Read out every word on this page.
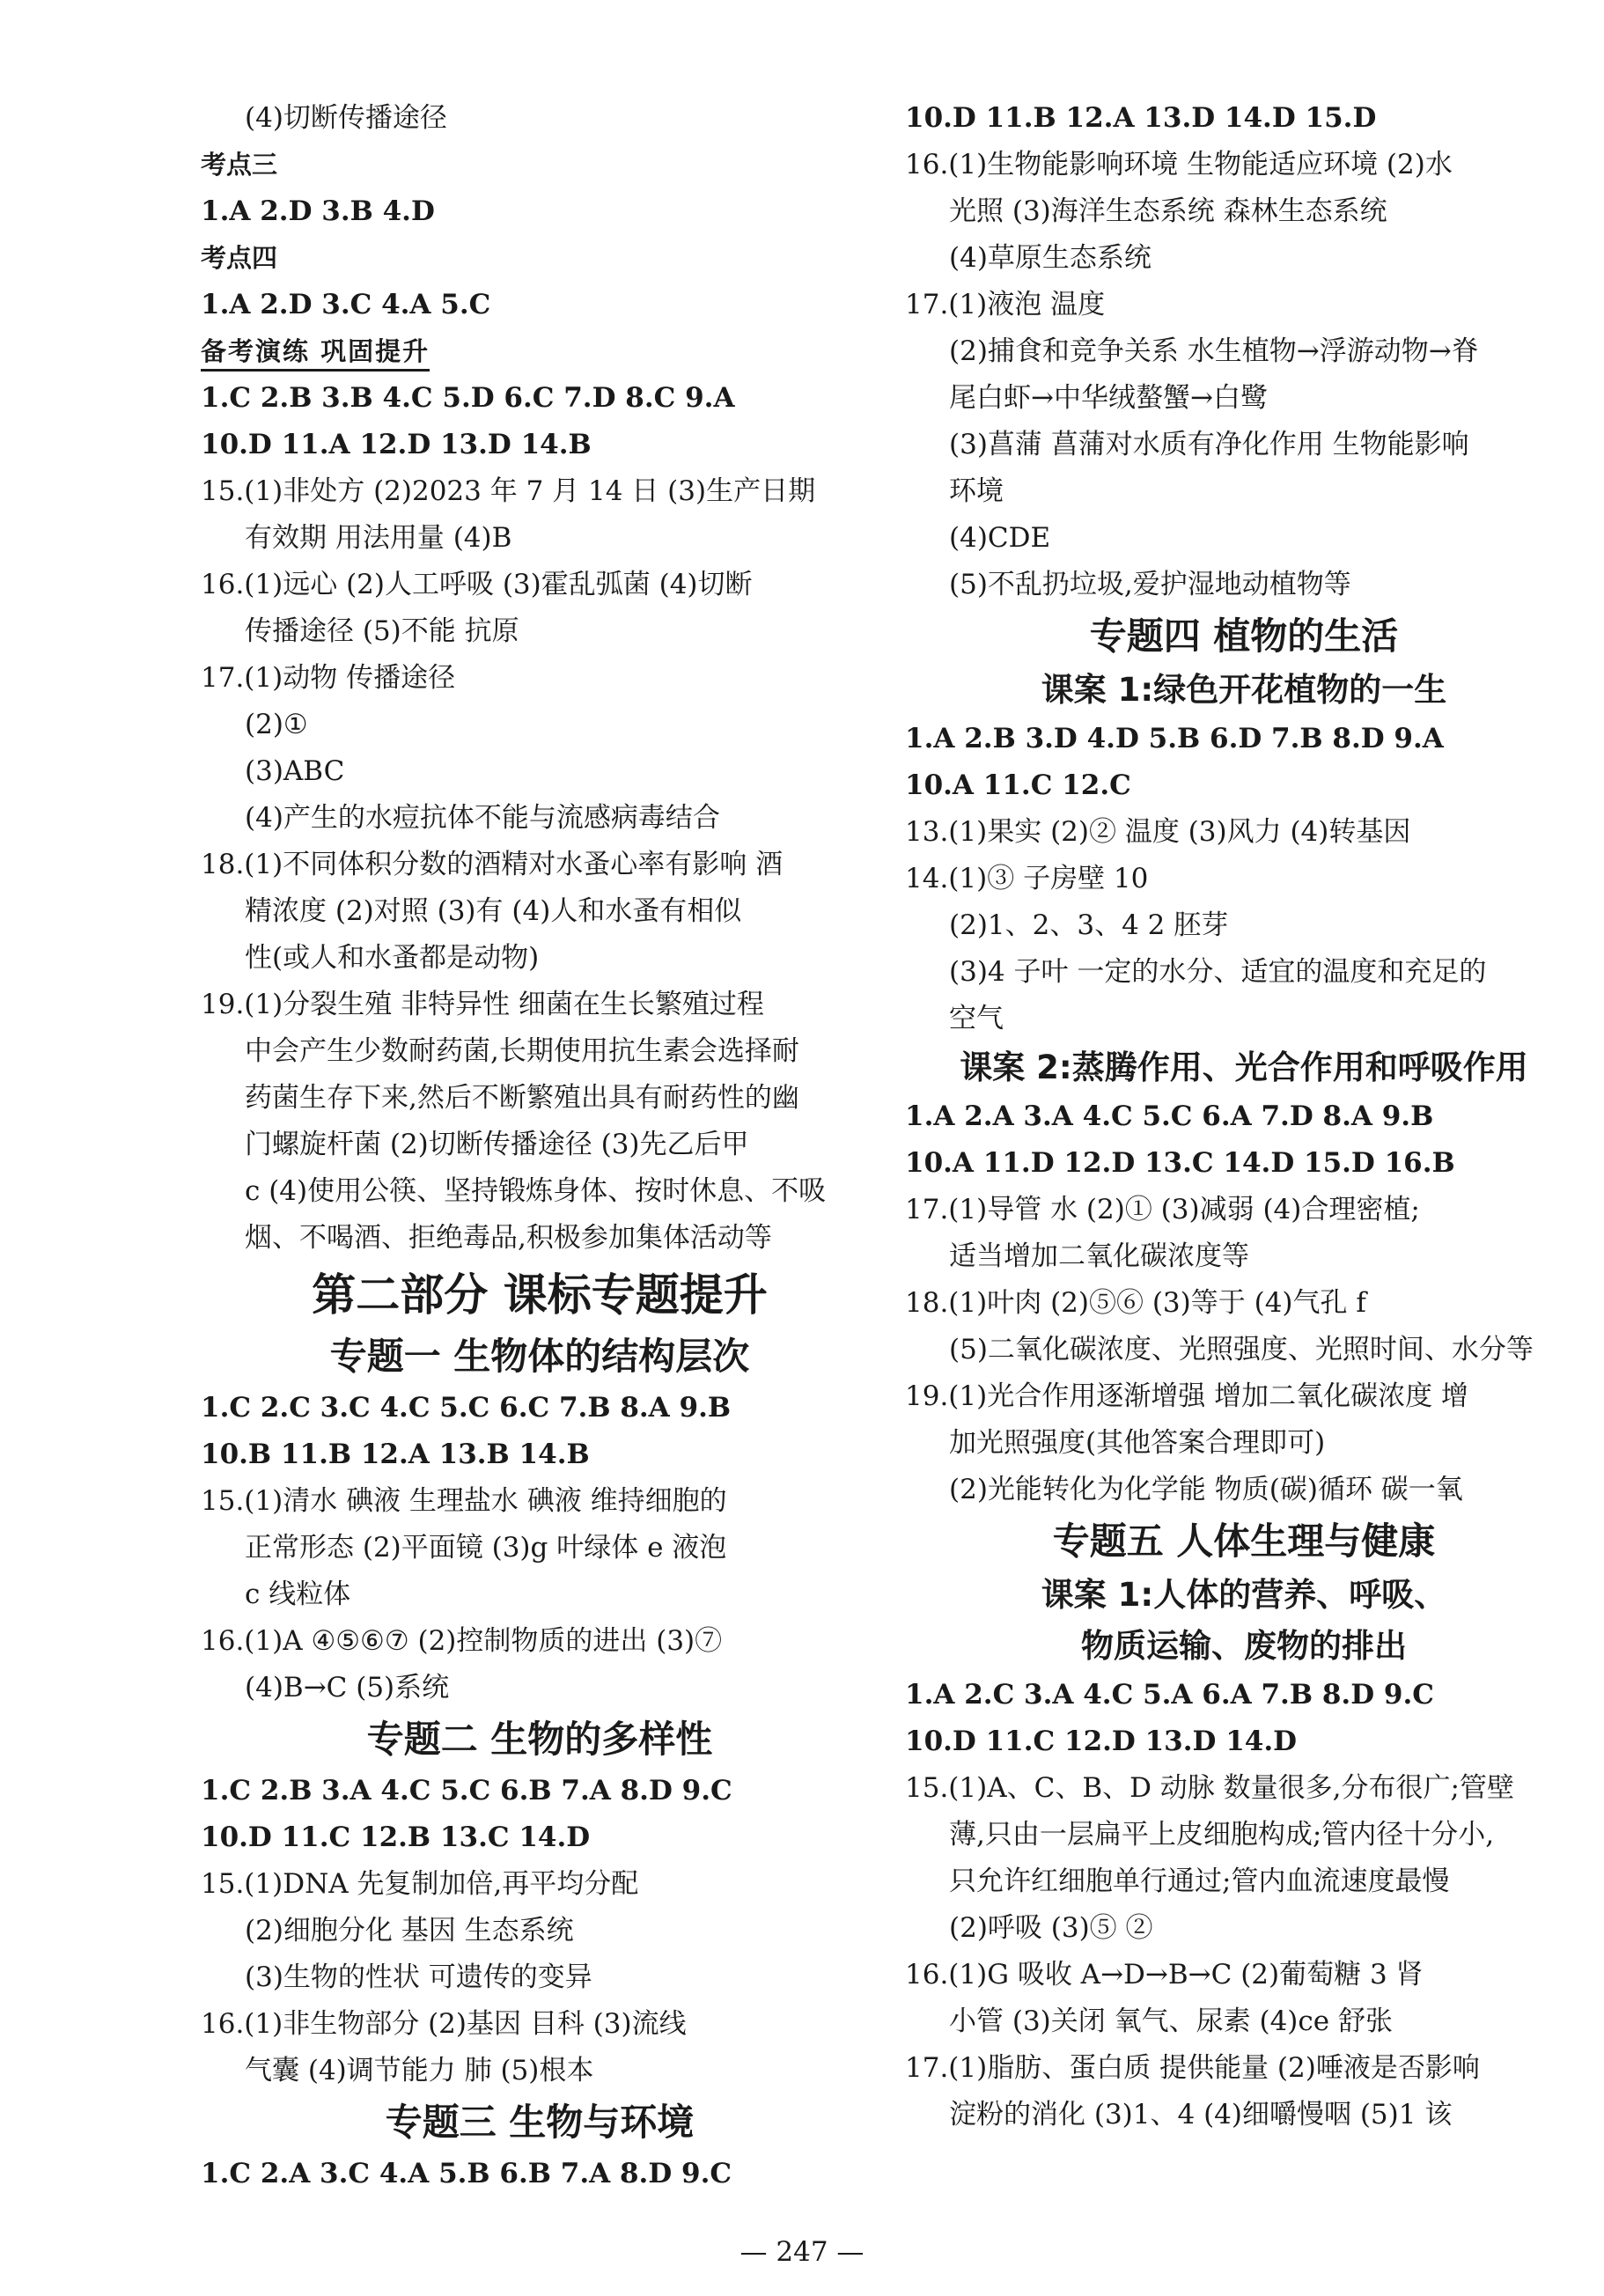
(4)切断传播途径
考点三
1.A 2.D 3.B 4.D
考点四
1.A 2.D 3.C 4.A 5.C
备考演练 巩固提升
1.C 2.B 3.B 4.C 5.D 6.C 7.D 8.C 9.A
10.D 11.A 12.D 13.D 14.B
15.(1)非处方 (2)2023 年 7 月 14 日 (3)生产日期
有效期 用法用量 (4)B
16.(1)远心 (2)人工呼吸 (3)霍乱弧菌 (4)切断
传播途径 (5)不能 抗原
17.(1)动物 传播途径
(2)①
(3)ABC
(4)产生的水痘抗体不能与流感病毒结合
18.(1)不同体积分数的酒精对水蚤心率有影响 酒
精浓度 (2)对照 (3)有 (4)人和水蚤有相似
性(或人和水蚤都是动物)
19.(1)分裂生殖 非特异性 细菌在生长繁殖过程
中会产生少数耐药菌,长期使用抗生素会选择耐
药菌生存下来,然后不断繁殖出具有耐药性的幽
门螺旋杆菌 (2)切断传播途径 (3)先乙后甲
c (4)使用公筷、坚持锻炼身体、按时休息、不吸
烟、不喝酒、拒绝毒品,积极参加集体活动等
第二部分 课标专题提升
专题一 生物体的结构层次
1.C 2.C 3.C 4.C 5.C 6.C 7.B 8.A 9.B
10.B 11.B 12.A 13.B 14.B
15.(1)清水 碘液 生理盐水 碘液 维持细胞的
正常形态 (2)平面镜 (3)g 叶绿体 e 液泡
c 线粒体
16.(1)A ④⑤⑥⑦ (2)控制物质的进出 (3)⑦
(4)B→C (5)系统
专题二 生物的多样性
1.C 2.B 3.A 4.C 5.C 6.B 7.A 8.D 9.C
10.D 11.C 12.B 13.C 14.D
15.(1)DNA 先复制加倍,再平均分配
(2)细胞分化 基因 生态系统
(3)生物的性状 可遗传的变异
16.(1)非生物部分 (2)基因 目科 (3)流线
气囊 (4)调节能力 肺 (5)根本
专题三 生物与环境
1.C 2.A 3.C 4.A 5.B 6.B 7.A 8.D 9.C
10.D 11.B 12.A 13.D 14.D 15.D
16.(1)生物能影响环境 生物能适应环境 (2)水
光照 (3)海洋生态系统 森林生态系统
(4)草原生态系统
17.(1)液泡 温度
(2)捕食和竞争关系 水生植物→浮游动物→脊
尾白虾→中华绒螯蟹→白鹭
(3)菖蒲 菖蒲对水质有净化作用 生物能影响
环境
(4)CDE
(5)不乱扔垃圾,爱护湿地动植物等
专题四 植物的生活
课案 1:绿色开花植物的一生
1.A 2.B 3.D 4.D 5.B 6.D 7.B 8.D 9.A
10.A 11.C 12.C
13.(1)果实 (2)② 温度 (3)风力 (4)转基因
14.(1)③ 子房壁 10
(2)1、2、3、4 2 胚芽
(3)4 子叶 一定的水分、适宜的温度和充足的
空气
课案 2:蒸腾作用、光合作用和呼吸作用
1.A 2.A 3.A 4.C 5.C 6.A 7.D 8.A 9.B
10.A 11.D 12.D 13.C 14.D 15.D 16.B
17.(1)导管 水 (2)① (3)减弱 (4)合理密植;
适当增加二氧化碳浓度等
18.(1)叶肉 (2)⑤⑥ (3)等于 (4)气孔 f
(5)二氧化碳浓度、光照强度、光照时间、水分等
19.(1)光合作用逐渐增强 增加二氧化碳浓度 增
加光照强度(其他答案合理即可)
(2)光能转化为化学能 物质(碳)循环 碳一氧
专题五 人体生理与健康
课案 1:人体的营养、呼吸、
物质运输、废物的排出
1.A 2.C 3.A 4.C 5.A 6.A 7.B 8.D 9.C
10.D 11.C 12.D 13.D 14.D
15.(1)A、C、B、D 动脉 数量很多,分布很广;管壁
薄,只由一层扁平上皮细胞构成;管内径十分小,
只允许红细胞单行通过;管内血流速度最慢
(2)呼吸 (3)⑤ ②
16.(1)G 吸收 A→D→B→C (2)葡萄糖 3 肾
小管 (3)关闭 氧气、尿素 (4)ce 舒张
17.(1)脂肪、蛋白质 提供能量 (2)唾液是否影响
淀粉的消化 (3)1、4 (4)细嚼慢咽 (5)1 该
— 247 —
